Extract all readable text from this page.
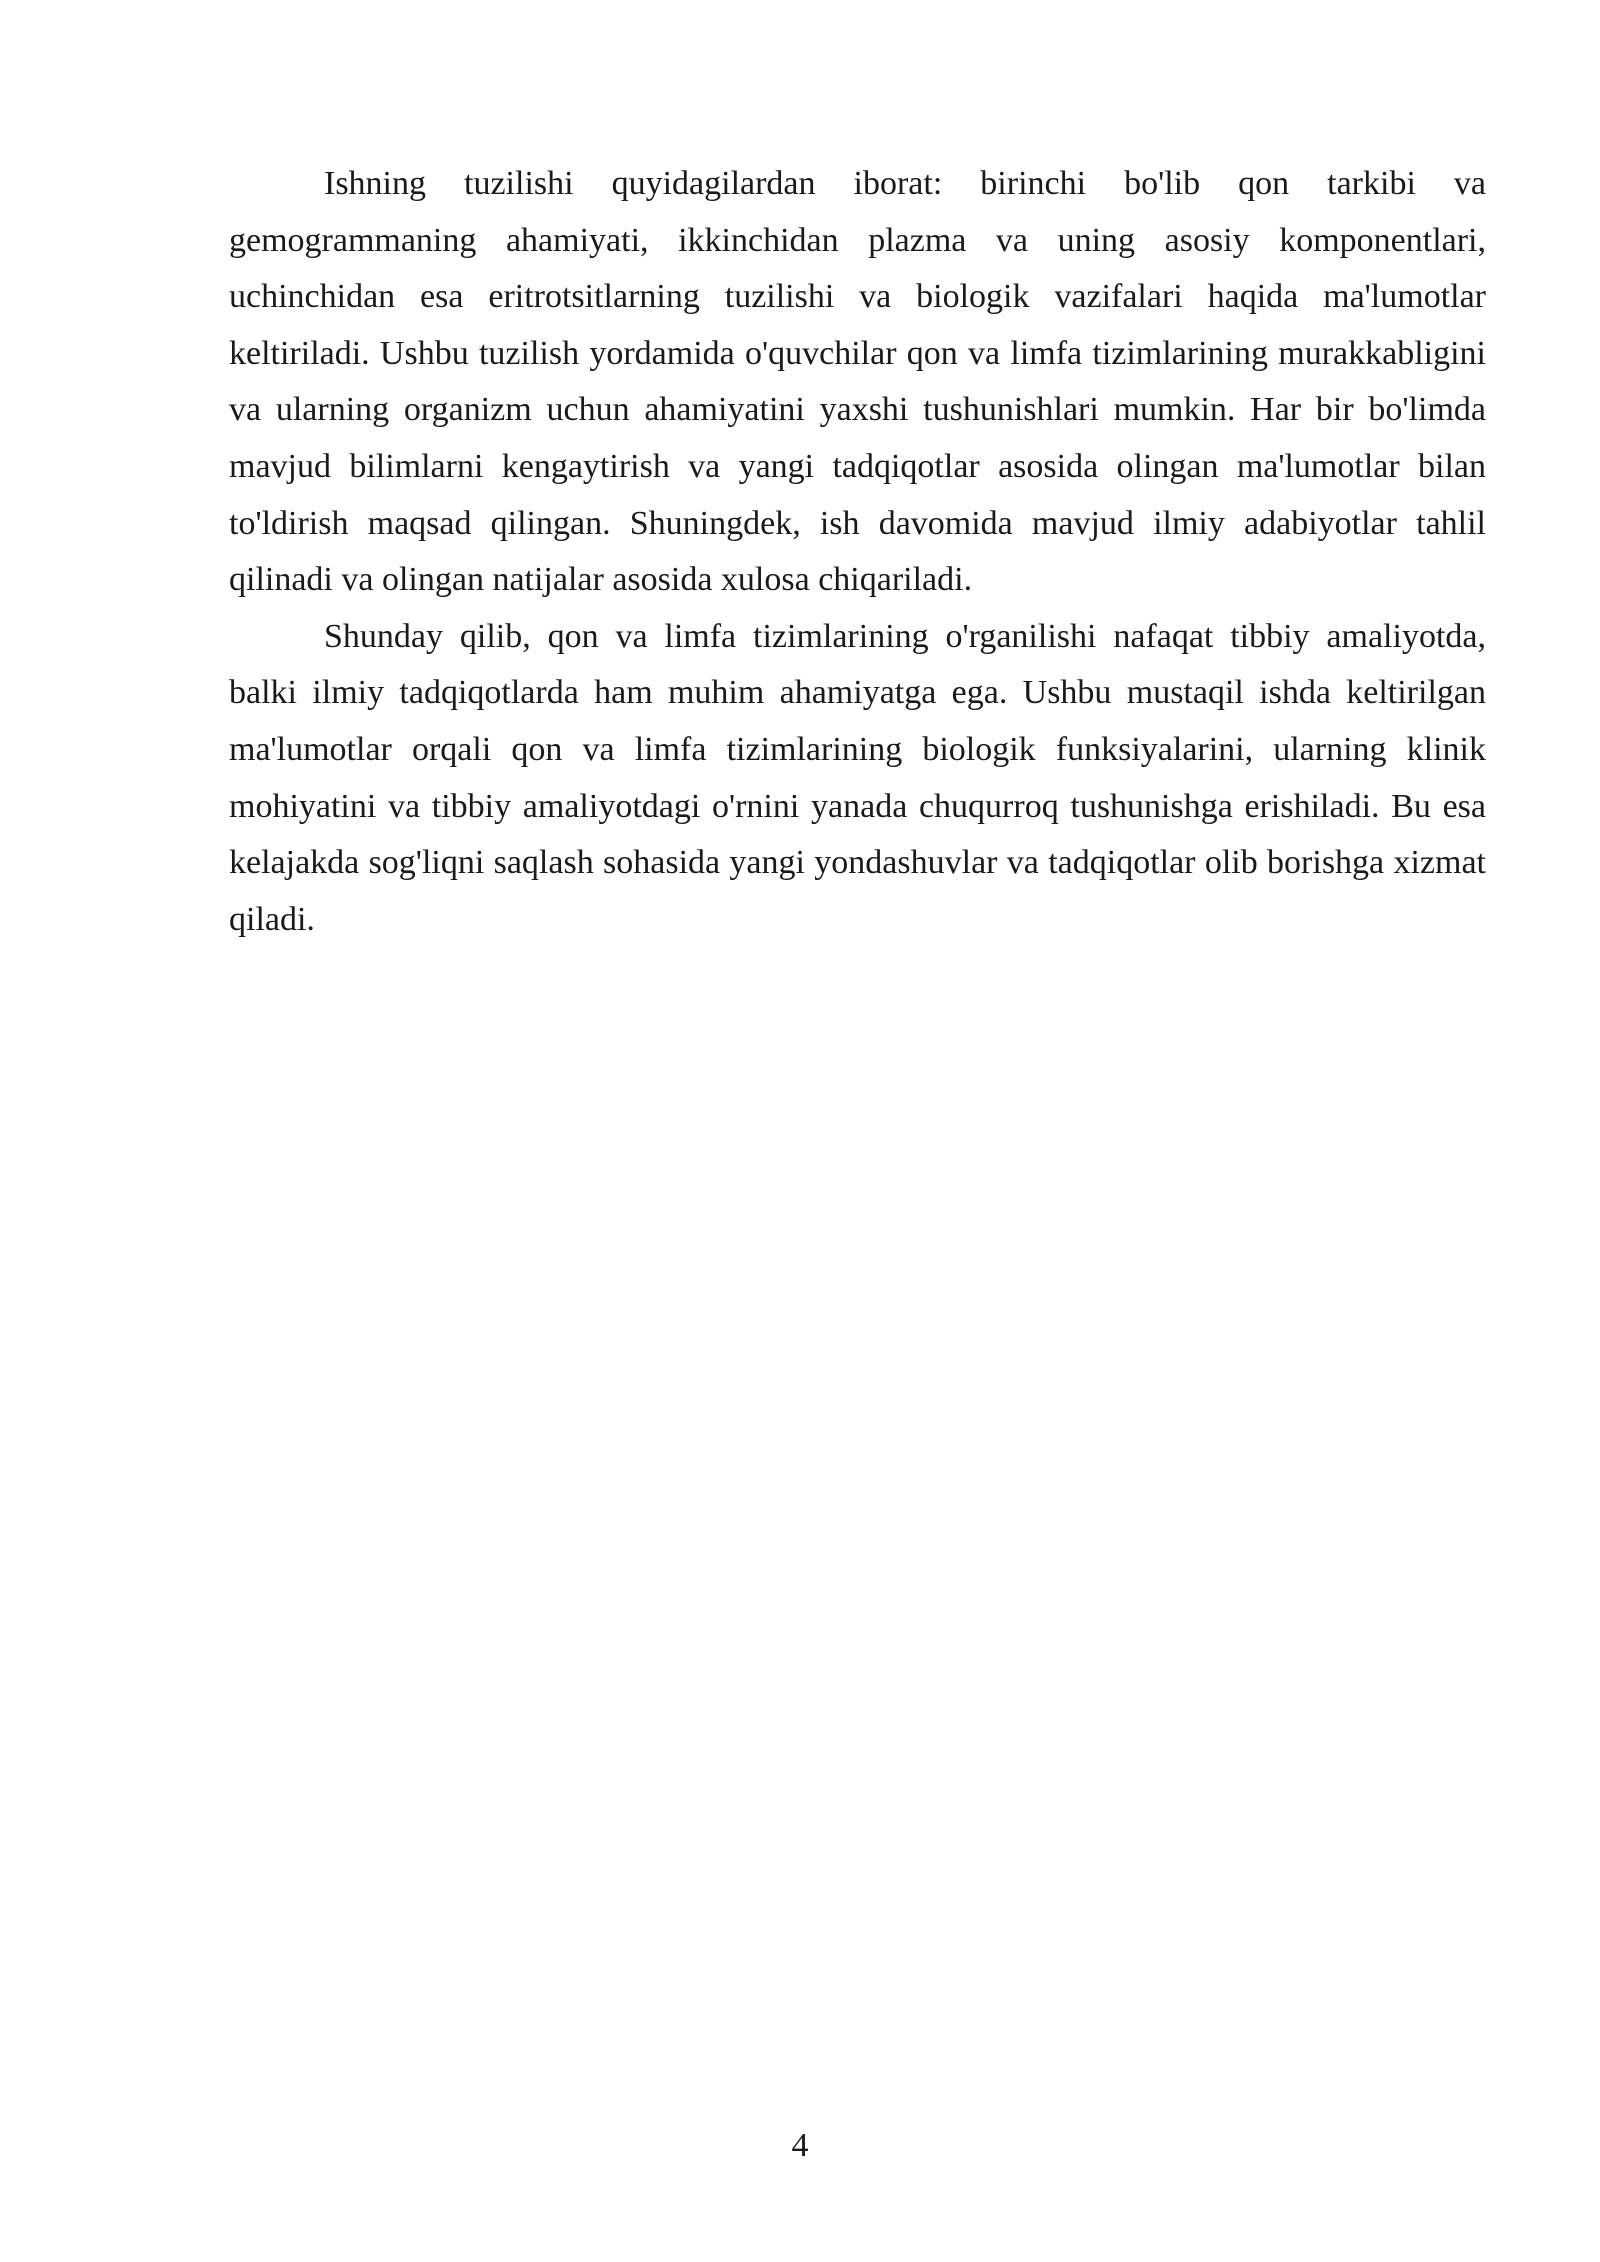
Ishning tuzilishi quyidagilardan iborat: birinchi bo'lib qon tarkibi va gemogrammaning ahamiyati, ikkinchidan plazma va uning asosiy komponentlari, uchinchidan esa eritrotsitlarning tuzilishi va biologik vazifalari haqida ma'lumotlar keltiriladi. Ushbu tuzilish yordamida o'quvchilar qon va limfa tizimlarining murakkabligini va ularning organizm uchun ahamiyatini yaxshi tushunishlari mumkin. Har bir bo'limda mavjud bilimlarni kengaytirish va yangi tadqiqotlar asosida olingan ma'lumotlar bilan to'ldirish maqsad qilingan. Shuningdek, ish davomida mavjud ilmiy adabiyotlar tahlil qilinadi va olingan natijalar asosida xulosa chiqariladi.

Shunday qilib, qon va limfa tizimlarining o'rganilishi nafaqat tibbiy amaliyotda, balki ilmiy tadqiqotlarda ham muhim ahamiyatga ega. Ushbu mustaqil ishda keltirilgan ma'lumotlar orqali qon va limfa tizimlarining biologik funksiyalarini, ularning klinik mohiyatini va tibbiy amaliyotdagi o'rnini yanada chuqurroq tushunishga erishiladi. Bu esa kelajakda sog'liqni saqlash sohasida yangi yondashuvlar va tadqiqotlar olib borishga xizmat qiladi.

4
